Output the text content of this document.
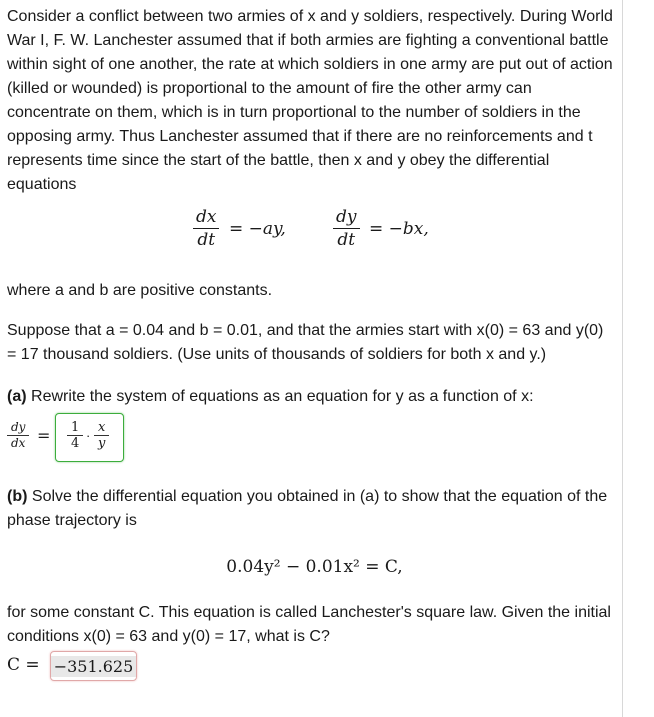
Consider a conflict between two armies of x and y soldiers, respectively. During World War I, F. W. Lanchester assumed that if both armies are fighting a conventional battle within sight of one another, the rate at which soldiers in one army are put out of action (killed or wounded) is proportional to the amount of fire the other army can concentrate on them, which is in turn proportional to the number of soldiers in the opposing army. Thus Lanchester assumed that if there are no reinforcements and t represents time since the start of the battle, then x and y obey the differential equations

dx
dt
= −ay,
dy
dt
= −bx,

where a and b are positive constants.

Suppose that a = 0.04 and b = 0.01, and that the armies start with x(0) = 63 and y(0) = 17 thousand soldiers. (Use units of thousands of soldiers for both x and y.)

(a) Rewrite the system of equations as an equation for y as a function of x:

dy
dx = 1
4
·
x
y

(b) Solve the differential equation you obtained in (a) to show that the equation of the phase trajectory is

0.04y² − 0.01x² = C,

for some constant C. This equation is called Lanchester's square law. Given the initial conditions x(0) = 63 and y(0) = 17, what is C?

C = −351.625
